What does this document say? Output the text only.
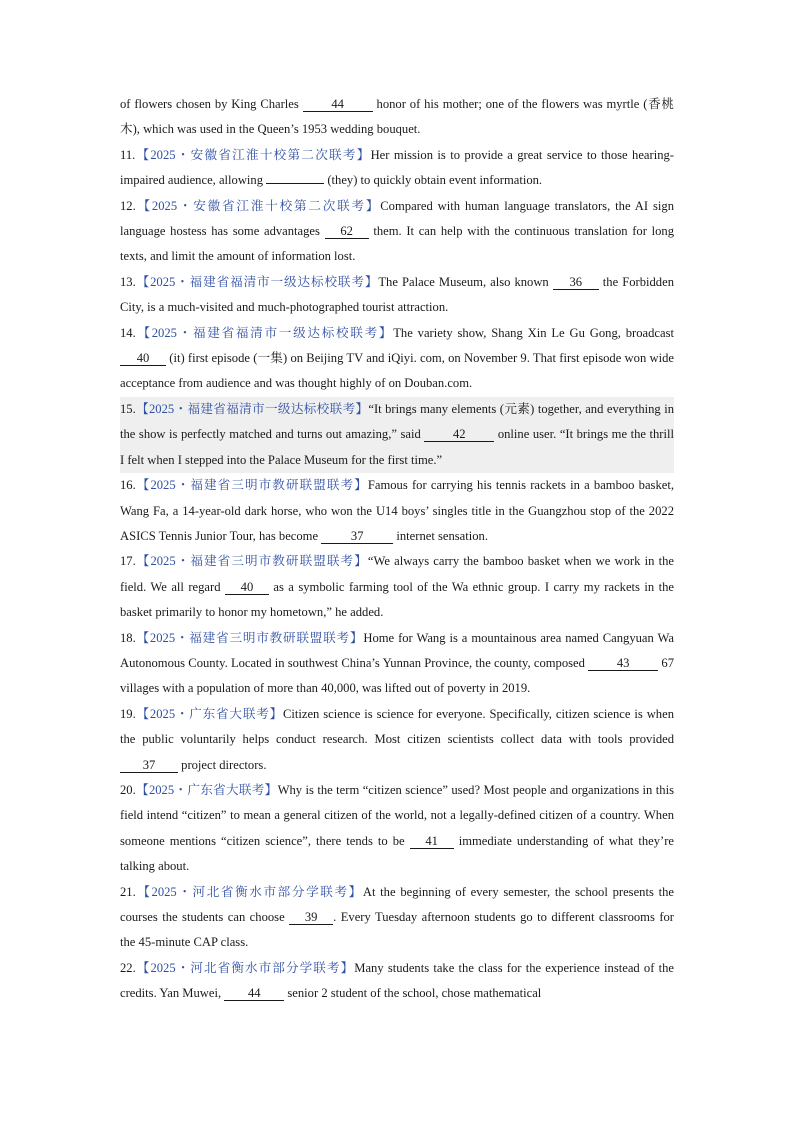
of flowers chosen by King Charles 44 honor of his mother; one of the flowers was myrtle (香桃木), which was used in the Queen’s 1953 wedding bouquet.

11.【2025・安徽省江淮十校第二次联考】Her mission is to provide a great service to those hearing-impaired audience, allowing	(they) to quickly obtain event information.

12.【2025・安徽省江淮十校第二次联考】Compared with human language translators, the AI sign language hostess has some advantages 62 them. It can help with the continuous translation for long texts, and limit the amount of information lost.

13.【2025・福建省福清市一级达标校联考】The Palace Museum, also known 36 the Forbidden City, is a much-visited and much-photographed tourist attraction.

14.【2025・福建省福清市一级达标校联考】The variety show, Shang Xin Le Gu Gong, broadcast 40 (it) first episode (一集) on Beijing TV and iQiyi. com, on November 9. That first episode won wide acceptance from audience and was thought highly of on Douban.com.

15.【2025・福建省福清市一级达标校联考】“It brings many elements (元素) together, and everything in the show is perfectly matched and turns out amazing,” said 42 online user. “It brings me the thrill I felt when I stepped into the Palace Museum for the first time.”

16.【2025・福建省三明市教研联盟联考】Famous for carrying his tennis rackets in a bamboo basket, Wang Fa, a 14-year-old dark horse, who won the U14 boys’ singles title in the Guangzhou stop of the 2022 ASICS Tennis Junior Tour, has become 37 internet sensation.

17.【2025・福建省三明市教研联盟联考】“We always carry the bamboo basket when we work in the field. We all regard 40 as a symbolic farming tool of the Wa ethnic group. I carry my rackets in the basket primarily to honor my hometown,” he added.

18.【2025・福建省三明市教研联盟联考】Home for Wang is a mountainous area named Cangyuan Wa Autonomous County. Located in southwest China’s Yunnan Province, the county, composed 43 67 villages with a population of more than 40,000, was lifted out of poverty in 2019.

19.【2025・广东省大联考】Citizen science is science for everyone. Specifically, citizen science is when the public voluntarily helps conduct research. Most citizen scientists collect data with tools provided 37 project directors.

20.【2025・广东省大联考】Why is the term “citizen science” used? Most people and organizations in this field intend “citizen” to mean a general citizen of the world, not a legally-defined citizen of a country. When someone mentions “citizen science”, there tends to be 41 immediate understanding of what they’re talking about.

21.【2025・河北省衡水市部分学联考】At the beginning of every semester, the school presents the courses the students can choose 39 . Every Tuesday afternoon students go to different classrooms for the 45-minute CAP class.

22.【2025・河北省衡水市部分学联考】Many students take the class for the experience instead of the credits. Yan Muwei, 44 senior 2 student of the school, chose mathematical
